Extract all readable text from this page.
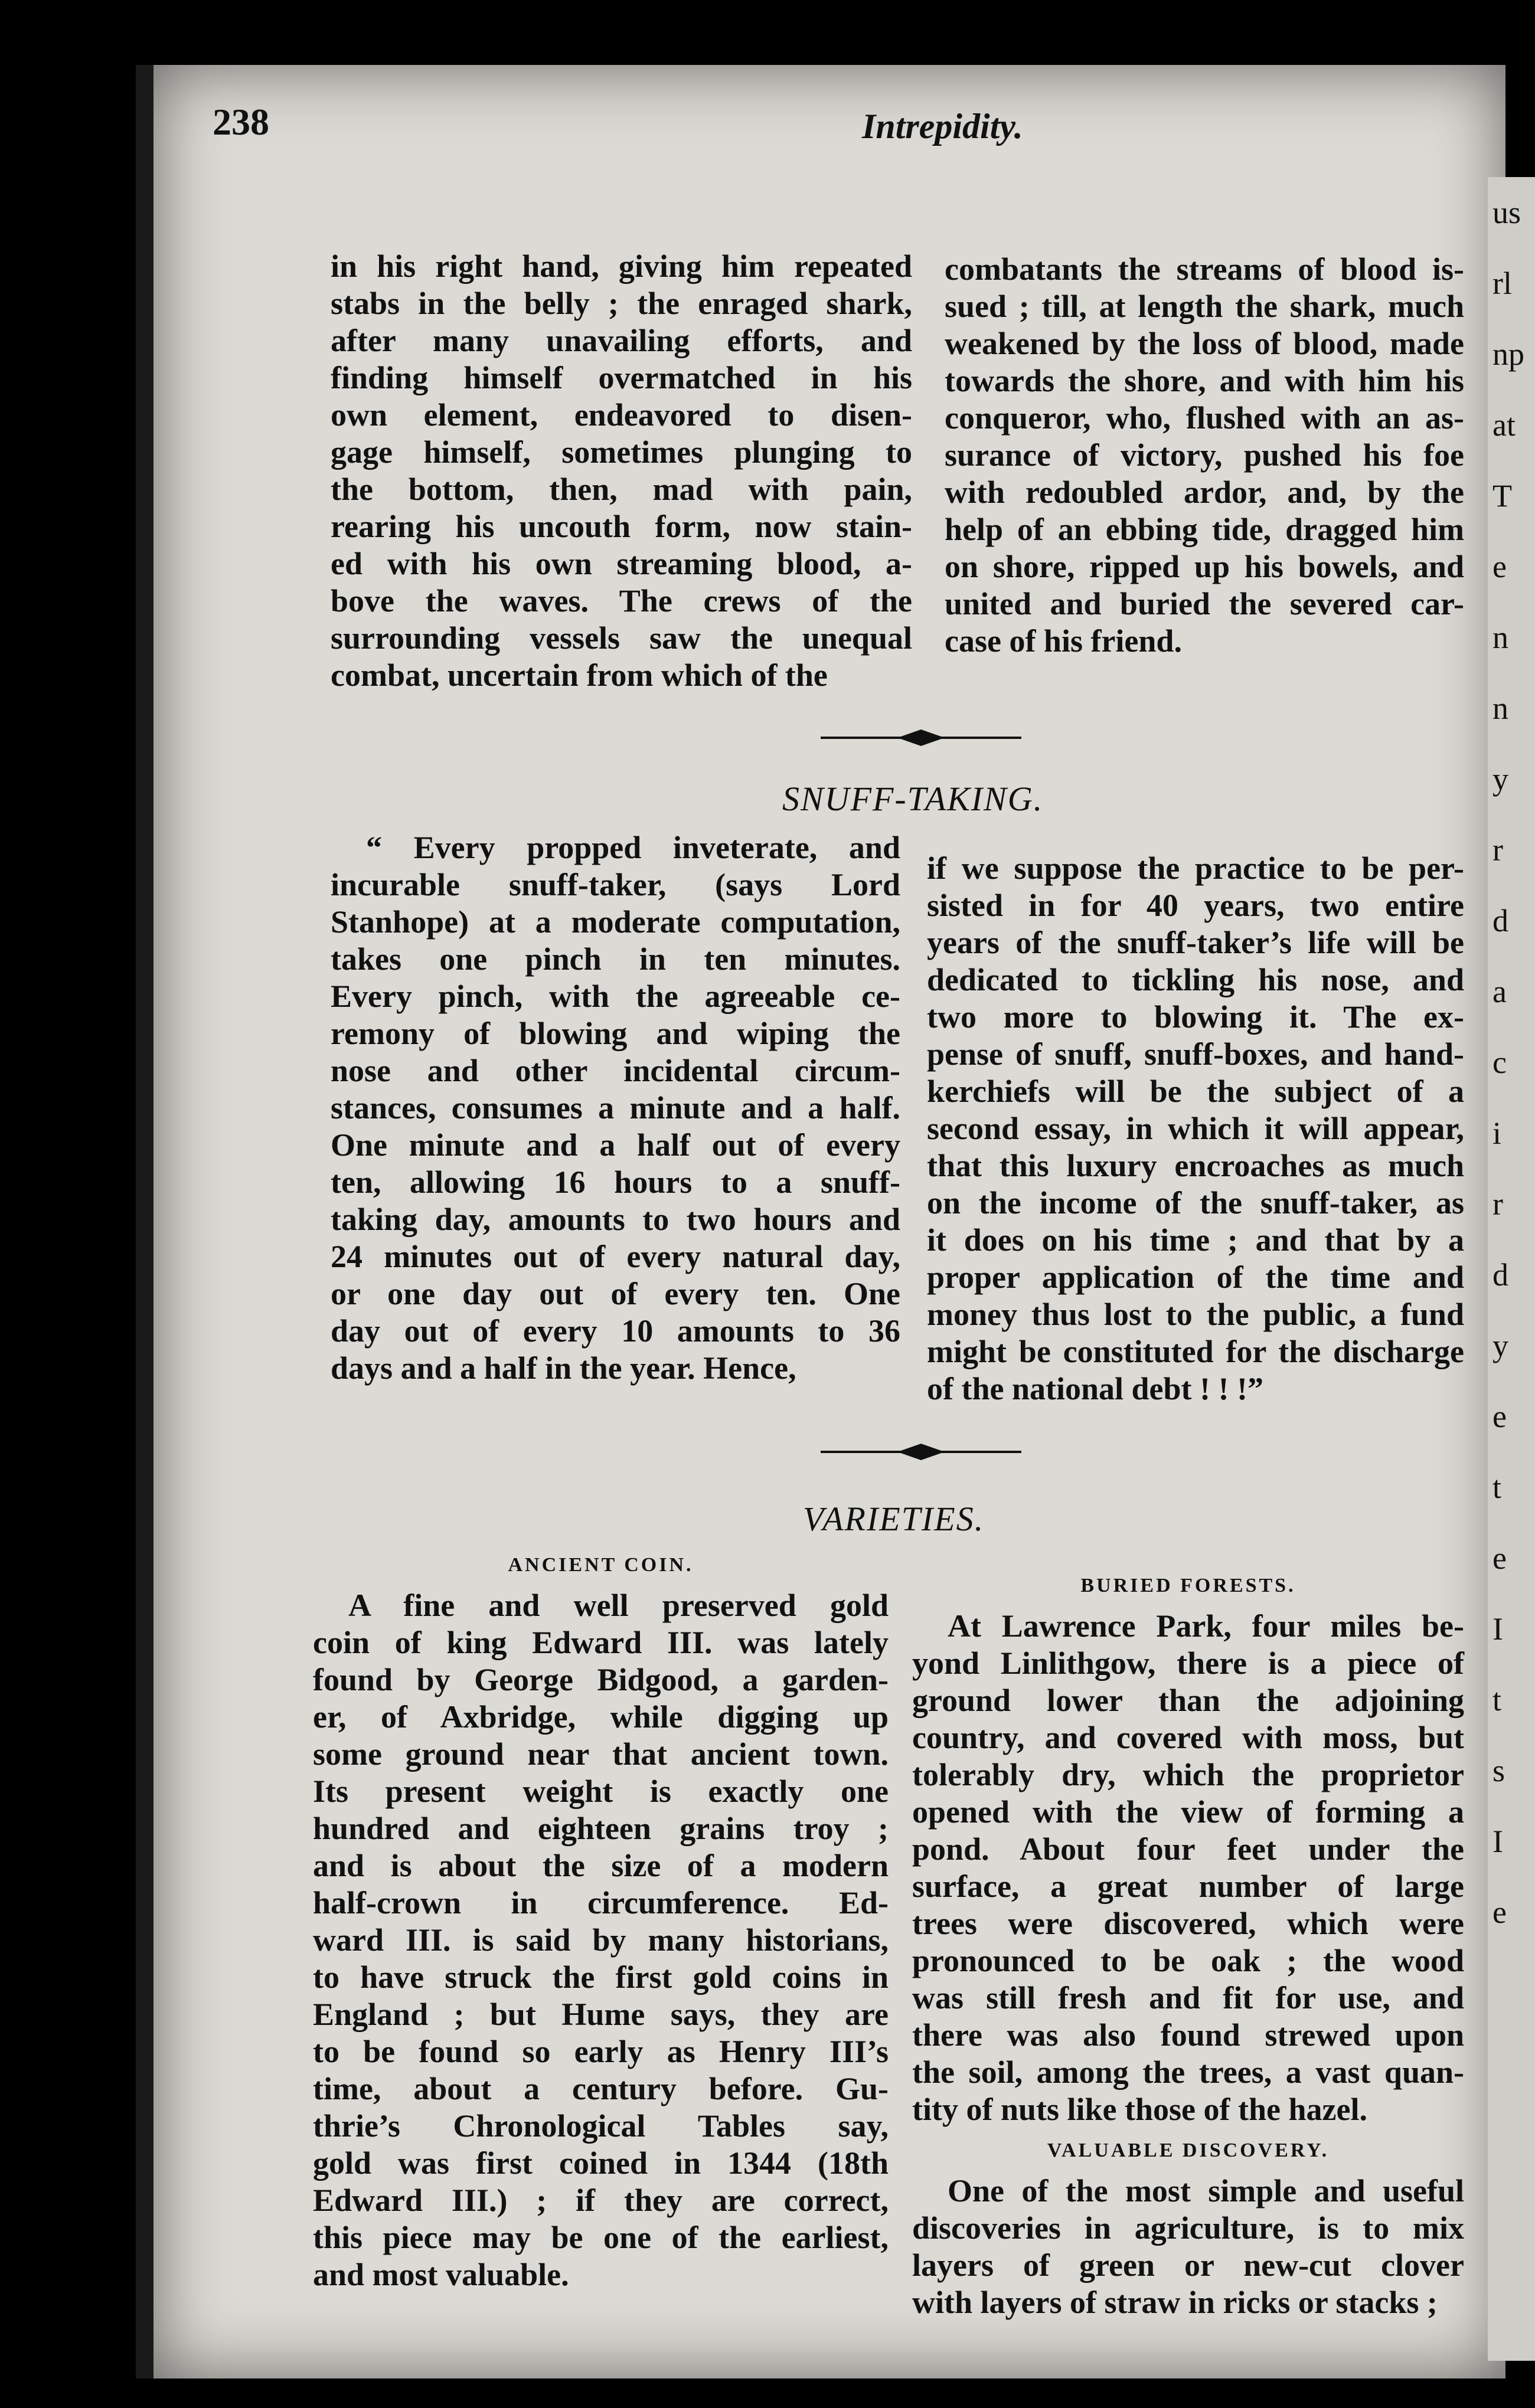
us
rl
np
at
T
e
n
n
y
r
d
a
c
i
r
d
y
e
t
e
I
t
s
I
e
238	Intrepidity.

in his right hand, giving him repeated

stabs in the belly ; the enraged shark,

after many unavailing efforts, and

finding himself overmatched in his

own element, endeavored to disen-

gage himself, sometimes plunging to

the bottom, then, mad with pain,

rearing his uncouth form, now stain-

ed with his own streaming blood, a-

bove the waves. The crews of the

surrounding vessels saw the unequal

combat, uncertain from which of the

combatants the streams of blood is-

sued ; till, at length the shark, much

weakened by the loss of blood, made

towards the shore, and with him his

conqueror, who, flushed with an as-

surance of victory, pushed his foe

with redoubled ardor, and, by the

help of an ebbing tide, dragged him

on shore, ripped up his bowels, and

united and buried the severed car-

case of his friend.

SNUFF-TAKING.

“ Every propped inveterate, and

incurable snuff-taker, (says Lord

Stanhope) at a moderate computation,

takes one pinch in ten minutes.

Every pinch, with the agreeable ce-

remony of blowing and wiping the

nose and other incidental circum-

stances, consumes a minute and a half.

One minute and a half out of every

ten, allowing 16 hours to a snuff-

taking day, amounts to two hours and

24 minutes out of every natural day,

or one day out of every ten. One

day out of every 10 amounts to 36

days and a half in the year. Hence,

if we suppose the practice to be per-

sisted in for 40 years, two entire

years of the snuff-taker’s life will be

dedicated to tickling his nose, and

two more to blowing it. The ex-

pense of snuff, snuff-boxes, and hand-

kerchiefs will be the subject of a

second essay, in which it will appear,

that this luxury encroaches as much

on the income of the snuff-taker, as

it does on his time ; and that by a

proper application of the time and

money thus lost to the public, a fund

might be constituted for the discharge

of the national debt ! ! !”

VARIETIES.
ANCIENT COIN.

A fine and well preserved gold

coin of king Edward III. was lately

found by George Bidgood, a garden-

er, of Axbridge, while digging up

some ground near that ancient town.

Its present weight is exactly one

hundred and eighteen grains troy ;

and is about the size of a modern

half-crown in circumference. Ed-

ward III. is said by many historians,

to have struck the first gold coins in

England ; but Hume says, they are

to be found so early as Henry III’s

time, about a century before. Gu-

thrie’s Chronological Tables say,

gold was first coined in 1344 (18th

Edward III.) ; if they are correct,

this piece may be one of the earliest,

and most valuable.

BURIED FORESTS.

At Lawrence Park, four miles be-

yond Linlithgow, there is a piece of

ground lower than the adjoining

country, and covered with moss, but

tolerably dry, which the proprietor

opened with the view of forming a

pond. About four feet under the

surface, a great number of large

trees were discovered, which were

pronounced to be oak ; the wood

was still fresh and fit for use, and

there was also found strewed upon

the soil, among the trees, a vast quan-

tity of nuts like those of the hazel.

VALUABLE DISCOVERY.

One of the most simple and useful

discoveries in agriculture, is to mix

layers of green or new-cut clover

with layers of straw in ricks or stacks ;
